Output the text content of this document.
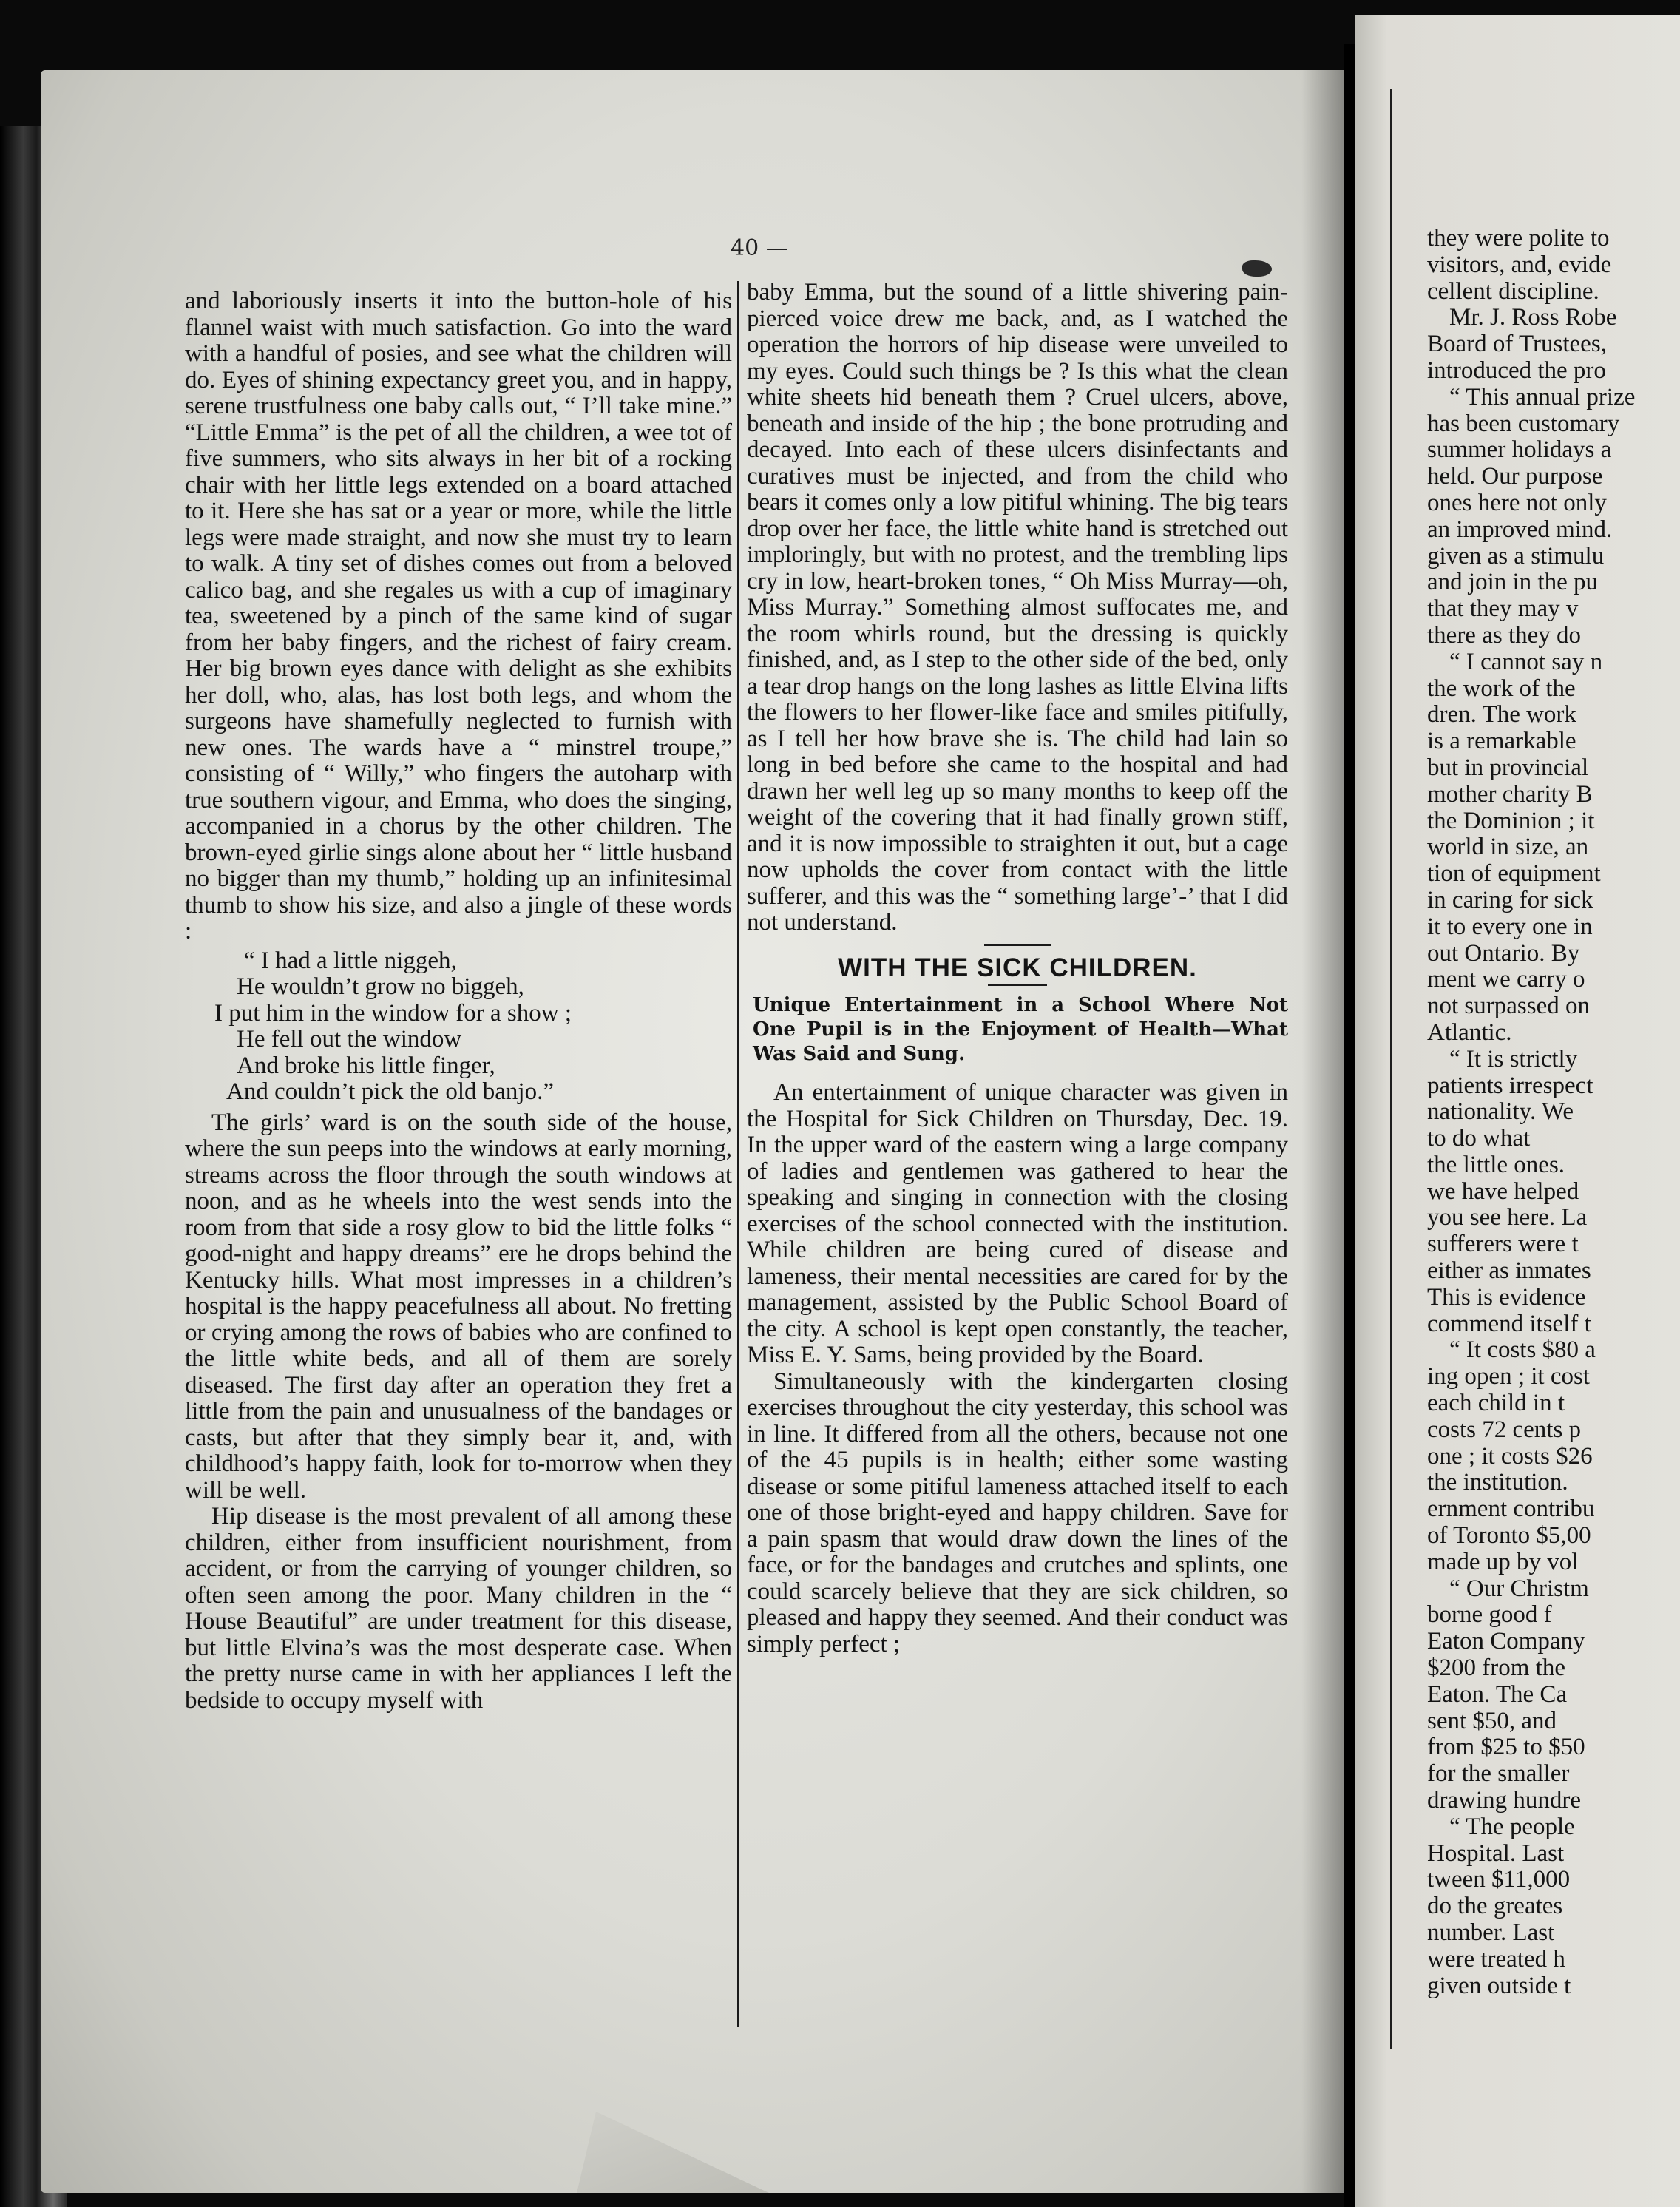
40 —

and laboriously inserts it into the button-hole of his flannel waist with much satisfaction. Go into the ward with a handful of posies, and see what the children will do. Eyes of shining expectancy greet you, and in happy, serene trustfulness one baby calls out, “ I’ll take mine.” “Little Emma” is the pet of all the children, a wee tot of five summers, who sits always in her bit of a rocking chair with her little legs extended on a board attached to it. Here she has sat or a year or more, while the little legs were made straight, and now she must try to learn to walk. A tiny set of dishes comes out from a beloved calico bag, and she regales us with a cup of imaginary tea, sweetened by a pinch of the same kind of sugar from her baby fingers, and the richest of fairy cream. Her big brown eyes dance with delight as she exhibits her doll, who, alas, has lost both legs, and whom the surgeons have shamefully neglected to furnish with new ones. The wards have a “ minstrel troupe,” consisting of “ Willy,” who fingers the autoharp with true southern vigour, and Emma, who does the singing, accompanied in a chorus by the other children. The brown-eyed girlie sings alone about her “ little husband no bigger than my thumb,” holding up an infinitesimal thumb to show his size, and also a jingle of these words :

“ I had a little niggeh,
He wouldn’t grow no biggeh,
I put him in the window for a show ;
He fell out the window
And broke his little finger,
And couldn’t pick the old banjo.”

The girls’ ward is on the south side of the house, where the sun peeps into the windows at early morning, streams across the floor through the south windows at noon, and as he wheels into the west sends into the room from that side a rosy glow to bid the little folks “ good-night and happy dreams” ere he drops behind the Kentucky hills. What most impresses in a children’s hospital is the happy peacefulness all about. No fretting or crying among the rows of babies who are confined to the little white beds, and all of them are sorely diseased. The first day after an operation they fret a little from the pain and unusualness of the bandages or casts, but after that they simply bear it, and, with childhood’s happy faith, look for to-morrow when they will be well.

Hip disease is the most prevalent of all among these children, either from insufficient nourishment, from accident, or from the carrying of younger children, so often seen among the poor. Many children in the “ House Beautiful” are under treatment for this disease, but little Elvina’s was the most desperate case. When the pretty nurse came in with her appliances I left the bedside to occupy myself with

baby Emma, but the sound of a little shivering pain-pierced voice drew me back, and, as I watched the operation the horrors of hip disease were unveiled to my eyes. Could such things be ? Is this what the clean white sheets hid beneath them ? Cruel ulcers, above, beneath and inside of the hip ; the bone protruding and decayed. Into each of these ulcers disinfectants and curatives must be injected, and from the child who bears it comes only a low pitiful whining. The big tears drop over her face, the little white hand is stretched out imploringly, but with no protest, and the trembling lips cry in low, heart-broken tones, “ Oh Miss Murray—oh, Miss Murray.” Something almost suffocates me, and the room whirls round, but the dressing is quickly finished, and, as I step to the other side of the bed, only a tear drop hangs on the long lashes as little Elvina lifts the flowers to her flower-like face and smiles pitifully, as I tell her how brave she is. The child had lain so long in bed before she came to the hospital and had drawn her well leg up so many months to keep off the weight of the covering that it had finally grown stiff, and it is now impossible to straighten it out, but a cage now upholds the cover from contact with the little sufferer, and this was the “ something large’-’ that I did not understand.

WITH THE SICK CHILDREN.
Unique Entertainment in a School Where Not One Pupil is in the Enjoyment of Health—What Was Said and Sung.

An entertainment of unique character was given in the Hospital for Sick Children on Thursday, Dec. 19. In the upper ward of the eastern wing a large company of ladies and gentlemen was gathered to hear the speaking and singing in connection with the closing exercises of the school connected with the institution. While children are being cured of disease and lameness, their mental necessities are cared for by the management, assisted by the Public School Board of the city. A school is kept open constantly, the teacher, Miss E. Y. Sams, being provided by the Board.

Simultaneously with the kindergarten closing exercises throughout the city yesterday, this school was in line. It differed from all the others, because not one of the 45 pupils is in health; either some wasting disease or some pitiful lameness attached itself to each one of those bright-eyed and happy children. Save for a pain spasm that would draw down the lines of the face, or for the bandages and crutches and splints, one could scarcely believe that they are sick children, so pleased and happy they seemed. And their conduct was simply perfect ;

they were polite to
visitors, and, evide
cellent discipline.
Mr. J. Ross Robe
Board of Trustees,
introduced the pro
“ This annual prize
has been customary
summer holidays a
held. Our purpose
ones here not only
an improved mind.
given as a stimulu
and join in the pu
that they may v
there as they do
“ I cannot say n
the work of the
dren. The work
is a remarkable
but in provincial
mother charity B
the Dominion ; it
world in size, an
tion of equipment
in caring for sick
it to every one in
out Ontario. By
ment we carry o
not surpassed on
Atlantic.
“ It is strictly
patients irrespect
nationality. We
to do what
the little ones.
we have helped
you see here. La
sufferers were t
either as inmates
This is evidence
commend itself t
“ It costs $80 a
ing open ; it cost
each child in t
costs 72 cents p
one ; it costs $26
the institution.
ernment contribu
of Toronto $5,00
made up by vol
“ Our Christm
borne good f
Eaton Company
$200 from the
Eaton. The Ca
sent $50, and
from $25 to $50
for the smaller
drawing hundre
“ The people
Hospital. Last
tween $11,000
do the greates
number. Last
were treated h
given outside t
